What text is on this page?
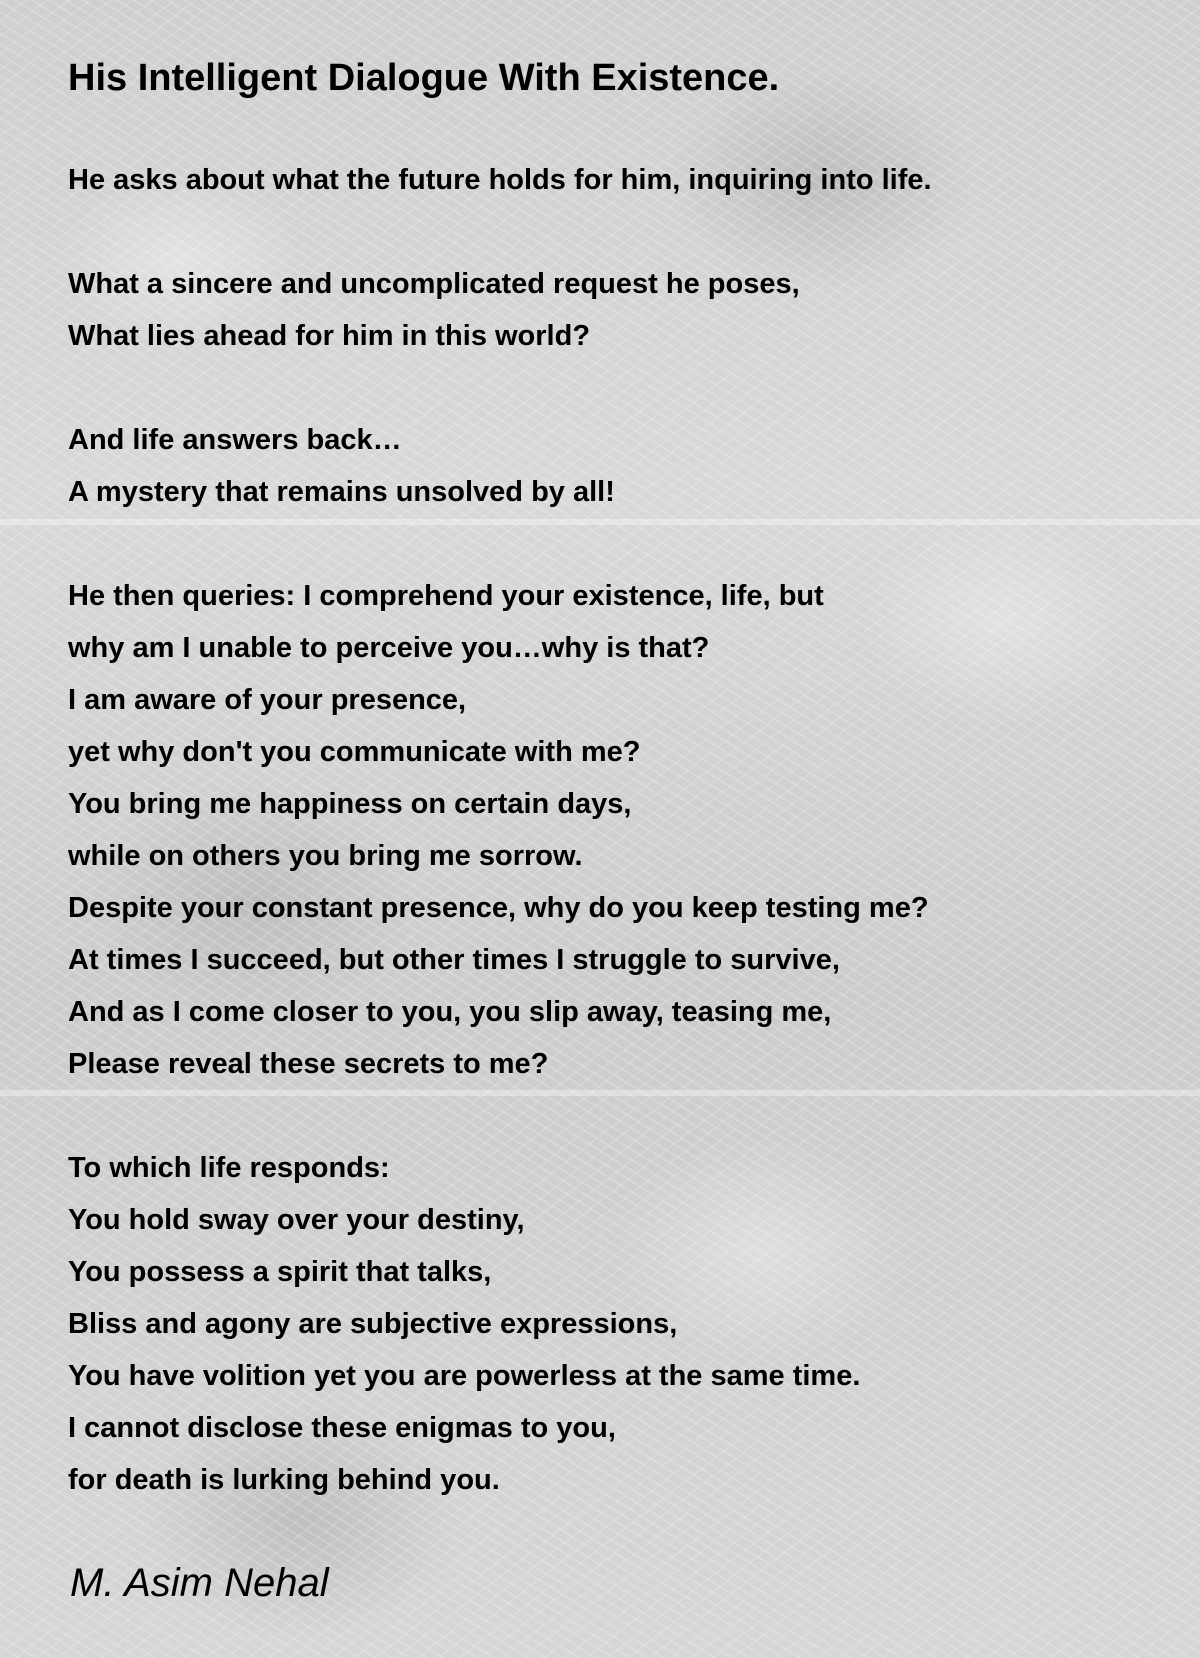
His Intelligent Dialogue With Existence.
He asks about what the future holds for him, inquiring into life.
What a sincere and uncomplicated request he poses,
What lies ahead for him in this world?
And life answers back…
A mystery that remains unsolved by all!
He then queries: I comprehend your existence, life, but
why am I unable to perceive you…why is that?
I am aware of your presence,
yet why don't you communicate with me?
You bring me happiness on certain days,
while on others you bring me sorrow.
Despite your constant presence, why do you keep testing me?
At times I succeed, but other times I struggle to survive,
And as I come closer to you, you slip away, teasing me,
Please reveal these secrets to me?
To which life responds:
You hold sway over your destiny,
You possess a spirit that talks,
Bliss and agony are subjective expressions,
You have volition yet you are powerless at the same time.
I cannot disclose these enigmas to you,
for death is lurking behind you.
M. Asim Nehal
